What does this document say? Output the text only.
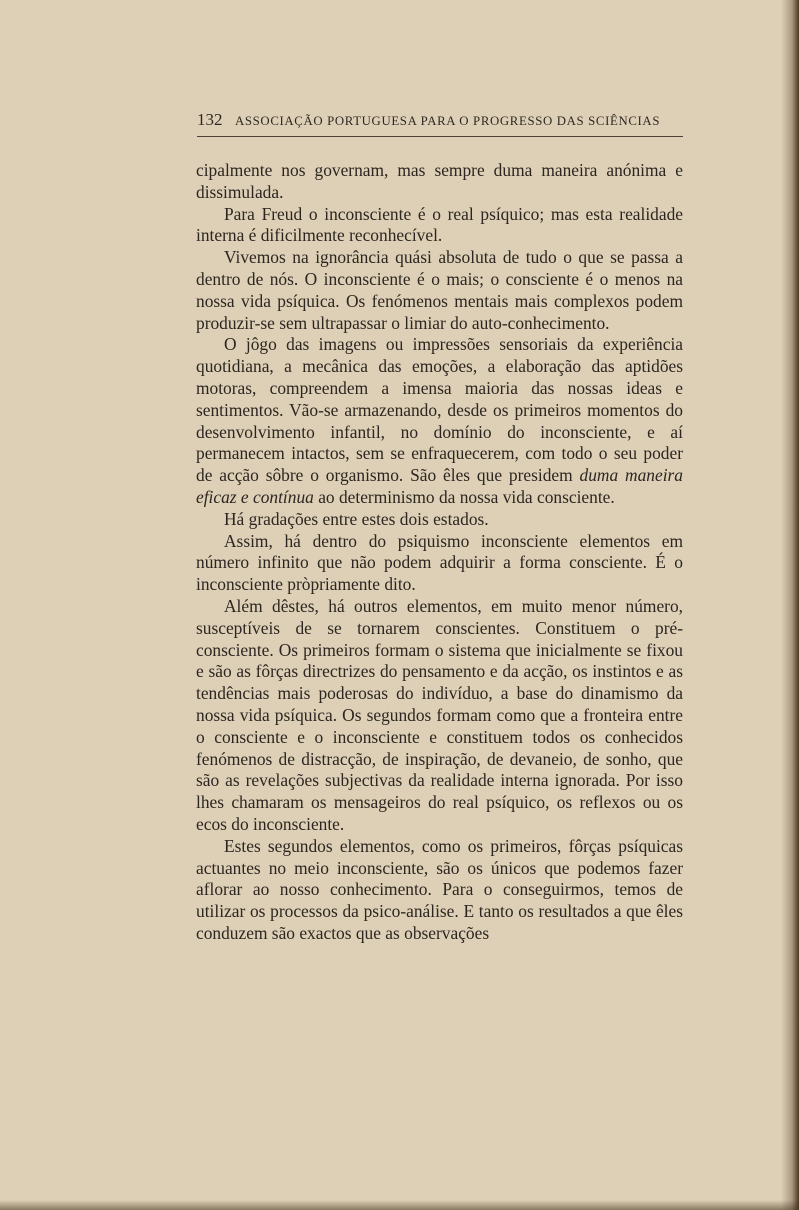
132 ASSOCIAÇÃO PORTUGUESA PARA O PROGRESSO DAS SCIÊNCIAS

cipalmente nos governam, mas sempre duma maneira anónima e dissimulada.

Para Freud o inconsciente é o real psíquico; mas esta realidade interna é dificilmente reconhecível.

Vivemos na ignorância quási absoluta de tudo o que se passa a dentro de nós. O inconsciente é o mais; o consciente é o menos na nossa vida psíquica. Os fenómenos mentais mais complexos podem produzir-se sem ultrapassar o limiar do auto-conhecimento.

O jôgo das imagens ou impressões sensoriais da experiência quotidiana, a mecânica das emoções, a elaboração das aptidões motoras, compreendem a imensa maioria das nossas ideas e sentimentos. Vão-se armazenando, desde os primeiros momentos do desenvolvimento infantil, no domínio do inconsciente, e aí permanecem intactos, sem se enfraquecerem, com todo o seu poder de acção sôbre o organismo. São êles que presidem duma maneira eficaz e contínua ao determinismo da nossa vida consciente.

Há gradações entre estes dois estados.

Assim, há dentro do psiquismo inconsciente elementos em número infinito que não podem adquirir a forma consciente. É o inconsciente pròpriamente dito.

Além dêstes, há outros elementos, em muito menor número, susceptíveis de se tornarem conscientes. Constituem o pré-consciente. Os primeiros formam o sistema que inicialmente se fixou e são as fôrças directrizes do pensamento e da acção, os instintos e as tendências mais poderosas do indivíduo, a base do dinamismo da nossa vida psíquica. Os segundos formam como que a fronteira entre o consciente e o inconsciente e constituem todos os conhecidos fenómenos de distracção, de inspiração, de devaneio, de sonho, que são as revelações subjectivas da realidade interna ignorada. Por isso lhes chamaram os mensageiros do real psíquico, os reflexos ou os ecos do inconsciente.

Estes segundos elementos, como os primeiros, fôrças psíquicas actuantes no meio inconsciente, são os únicos que podemos fazer aflorar ao nosso conhecimento. Para o conseguirmos, temos de utilizar os processos da psico-análise. E tanto os resultados a que êles conduzem são exactos que as observações
